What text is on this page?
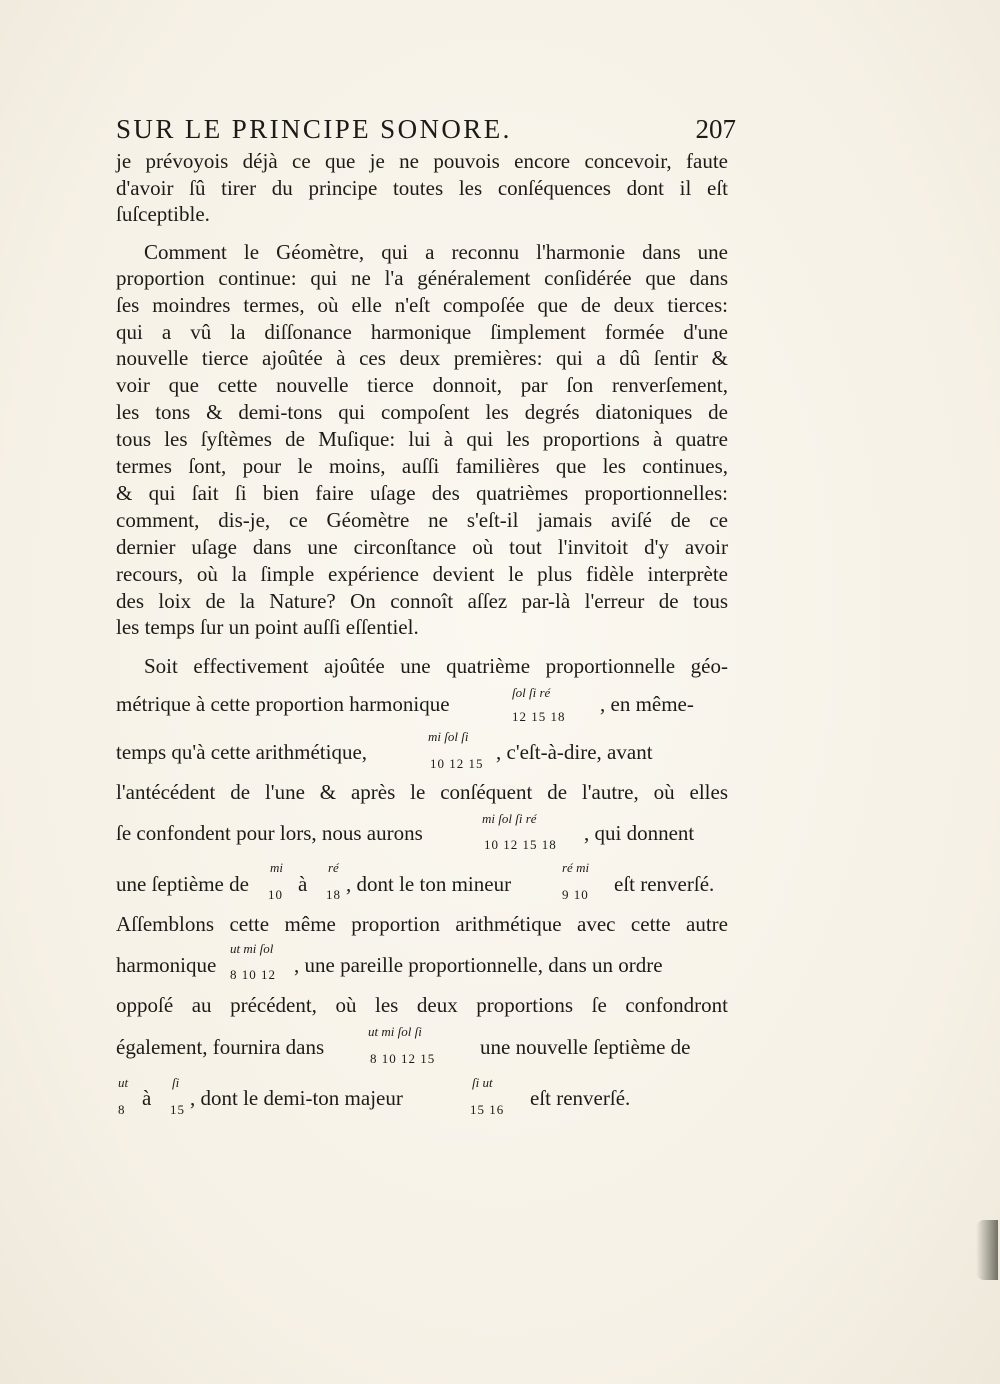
SUR LE PRINCIPE SONORE.	207
je prévoyois déjà ce que je ne pouvois encore concevoir, faute
d'avoir ſû tirer du principe toutes les conſéquences dont il eſt
ſuſceptible.
Comment le Géomètre, qui a reconnu l'harmonie dans une
proportion continue: qui ne l'a généralement conſidérée que dans
ſes moindres termes, où elle n'eſt compoſée que de deux tierces:
qui a vû la diſſonance harmonique ſimplement formée d'une
nouvelle tierce ajoûtée à ces deux premières: qui a dû ſentir &
voir que cette nouvelle tierce donnoit, par ſon renverſement,
les tons & demi-tons qui compoſent les degrés diatoniques de
tous les ſyſtèmes de Muſique: lui à qui les proportions à quatre
termes ſont, pour le moins, auſſi familières que les continues,
& qui ſait ſi bien faire uſage des quatrièmes proportionnelles:
comment, dis-je, ce Géomètre ne s'eſt-il jamais aviſé de ce
dernier uſage dans une circonſtance où tout l'invitoit d'y avoir
recours, où la ſimple expérience devient le plus fidèle interprète
des loix de la Nature? On connoît aſſez par-là l'erreur de tous
les temps ſur un point auſſi eſſentiel.
Soit effectivement ajoûtée une quatrième proportionnelle géo-
métrique à cette proportion harmonique	ſol ſi ré
12 15 18
, en même-
temps qu'à cette arithmétique,
mi ſol ſi
10 12 15 , c'eſt-à-dire, avant
l'antécédent de l'une & après le conſéquent de l'autre, où elles
ſe confondent pour lors, nous aurons
mi ſol ſi ré
10 12 15 18 , qui donnent
une ſeptième de
mi
10 à
ré
18 , dont le ton mineur
ré mi
9 10 eſt renverſé.
Aſſemblons cette même proportion arithmétique avec cette autre
harmonique
ut mi ſol
8 10 12 , une pareille proportionnelle, dans un ordre
oppoſé au précédent, où les deux proportions ſe confondront
également, fournira dans
ut mi ſol ſi
8 10 12 15 une nouvelle ſeptième de
ut
8 à
ſi
15 , dont le demi-ton majeur
ſi ut
15 16 eſt renverſé.
